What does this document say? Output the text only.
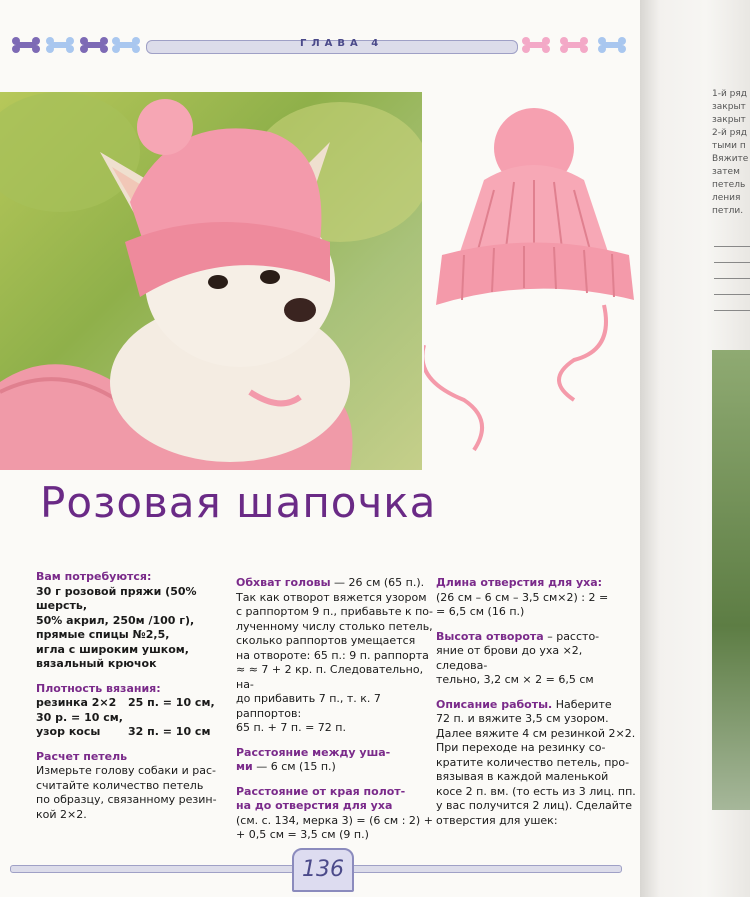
1-й ряд
закрыт
закрыт
2-й ряд
тыми п
Вяжите
затем
петель
ления
петли.
ГЛАВА 4
Розовая шапочка

Вам потребуются:

30 г розовой пряжи (50% шерсть,

50% акрил, 250м /100 г),

прямые спицы №2,5,

игла с широким ушком,

вязальный крючок

Плотность вязания:

резинка 2×2	25 п. = 10 см,

30 р. = 10 см,

узор косы	32 п. = 10 см

Расчет петель

Измерьте голову собаки и рас-

считайте количество петель

по образцу, связанному резин-

кой 2×2.

Обхват головы — 26 см (65 п.).

Так как отворот вяжется узором

с раппортом 9 п., прибавьте к по-

лученному числу столько петель,

сколько раппортов умещается

на отвороте: 65 п.: 9 п. раппорта

≈ ≈ 7 + 2 кр. п. Следовательно, на-

до прибавить 7 п., т. к. 7 раппортов:

65 п. + 7 п. = 72 п.

Расстояние между уша-

ми — 6 см (15 п.)

Расстояние от края полот-

на до отверстия для уха

(см. с. 134, мерка 3) = (6 см : 2) +

+ 0,5 см = 3,5 см (9 п.)

Длина отверстия для уха:

(26 см – 6 см – 3,5 см×2) : 2 =

= 6,5 см (16 п.)

Высота отворота – рассто-

яние от брови до уха ×2, следова-

тельно, 3,2 см × 2 = 6,5 см

Описание работы. Наберите

72 п. и вяжите 3,5 см узором.

Далее вяжите 4 см резинкой 2×2.

При переходе на резинку со-

кратите количество петель, про-

вязывая в каждой маленькой

косе 2 п. вм. (то есть из 3 лиц. пп.

у вас получится 2 лиц). Сделайте

отверстия для ушек:

136
